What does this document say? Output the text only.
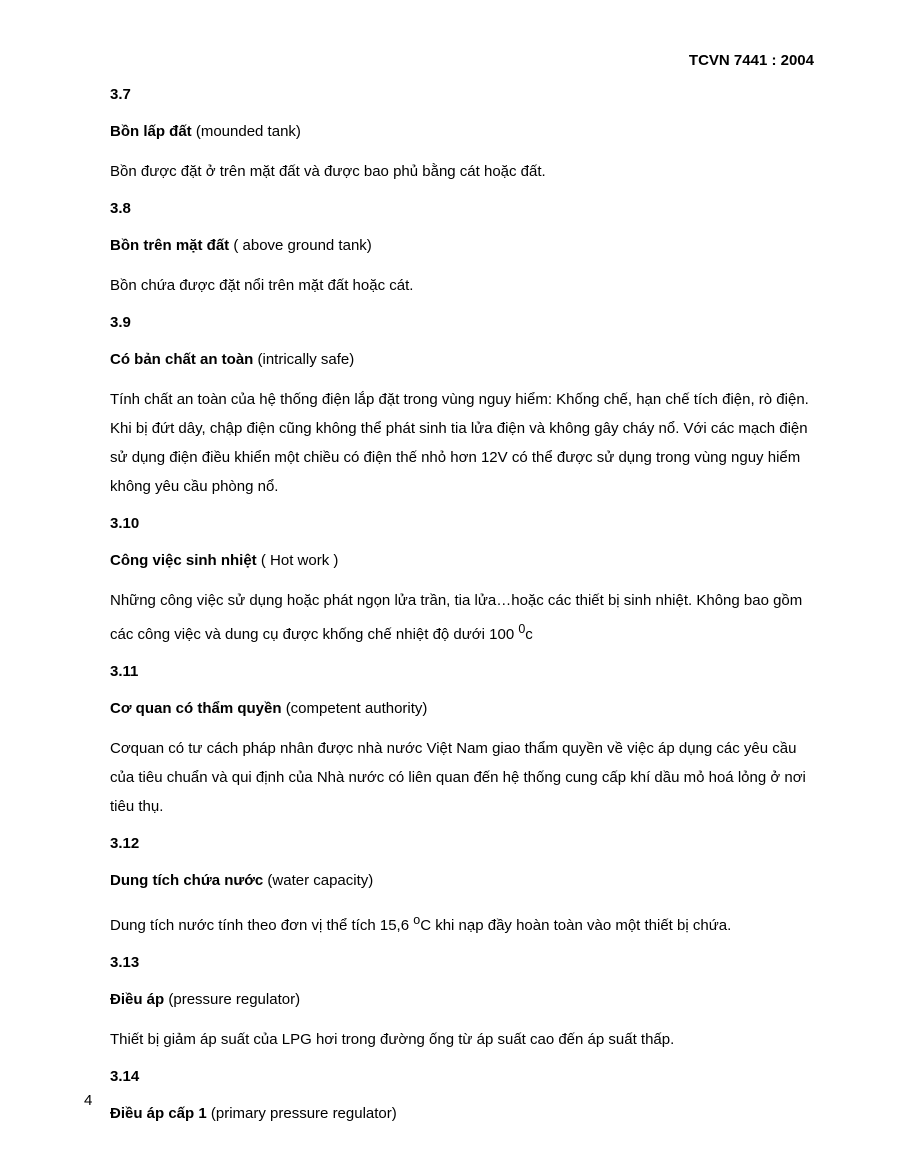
TCVN 7441 : 2004

3.7

Bồn lấp đất (mounded tank)

Bồn được đặt ở trên mặt đất và được bao phủ bằng cát hoặc đất.

3.8

Bồn trên mặt đất ( above ground tank)

Bồn chứa được đặt nổi trên mặt đất hoặc cát.

3.9

Có bản chất an toàn (intrically safe)

Tính chất an toàn của hệ thống điện lắp đặt trong vùng nguy hiểm: Khống chế, hạn chế tích điện, rò điện. Khi bị đứt dây, chập điện cũng không thể phát sinh tia lửa điện và không gây cháy nổ. Với các mạch điện sử dụng điện điều khiển một chiều có điện thế nhỏ hơn 12V có thể được sử dụng trong vùng nguy hiểm không yêu cầu phòng nổ.

3.10

Công việc sinh nhiệt ( Hot work )

Những công việc sử dụng hoặc phát ngọn lửa trần, tia lửa…hoặc các thiết bị sinh nhiệt. Không bao gồm các công việc và dung cụ được khống chế nhiệt độ dưới 100 $^0$c

3.11

Cơ quan có thẩm quyền (competent authority)

Cơquan có tư cách pháp nhân được nhà nước Việt Nam giao thẩm quyền về việc áp dụng các yêu cầu của tiêu chuẩn và qui định của Nhà nước có liên quan đến hệ thống cung cấp khí dầu mỏ hoá lỏng ở nơi tiêu thụ.

3.12

Dung tích chứa nước (water capacity)

Dung tích nước tính theo đơn vị thể tích 15,6 $^o$C khi nạp đầy hoàn toàn vào một thiết bị chứa.

3.13

Điều áp (pressure regulator)

Thiết bị giảm áp suất của LPG hơi trong đường ống từ áp suất cao đến áp suất thấp.

3.14

Điều áp cấp 1 (primary pressure regulator)

4
